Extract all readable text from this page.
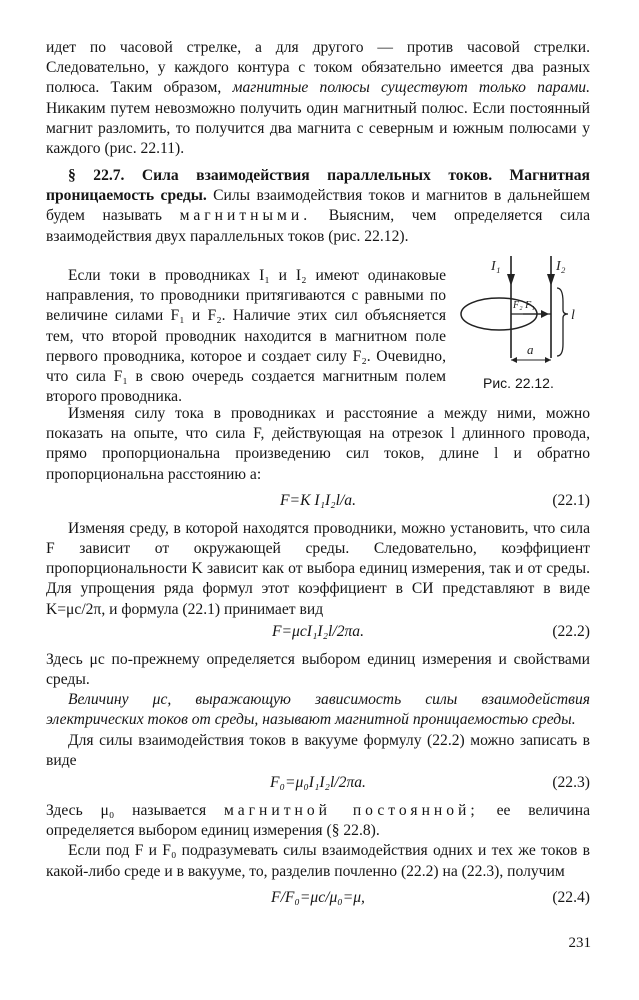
идет по часовой стрелке, а для другого — против часовой стрелки. Следовательно, у каждого контура с током обязательно имеется два разных полюса. Таким образом, магнитные полюсы существуют только парами. Никаким путем невозможно получить один магнитный полюс. Если постоянный магнит разломить, то получится два магнита с северным и южным полюсами у каждого (рис. 22.11).

§ 22.7. Сила взаимодействия параллельных токов. Магнитная проницаемость среды. Силы взаимодействия токов и магнитов в дальнейшем будем называть магнитными. Выясним, чем определяется сила взаимодействия двух параллельных токов (рис. 22.12).

Если токи в проводниках I₁ и I₂ имеют одинаковые направления, то проводники притягиваются с равными по величине силами F₁ и F₂. Наличие этих сил объясняется тем, что второй проводник находится в магнитном поле первого проводника, которое и создает силу F₂. Очевидно, что сила F₁ в свою очередь создается магнитным полем второго проводника.

I₁	I₂
l
a
F₂ F₁
Рис. 22.12.

Изменяя силу тока в проводниках и расстояние a между ними, можно показать на опыте, что сила F, действующая на отрезок l длинного провода, прямо пропорциональна произведению сил токов, длине l и обратно пропорциональна расстоянию a:

F=K I₁I₂l/a.	(22.1)

Изменяя среду, в которой находятся проводники, можно установить, что сила F зависит от окружающей среды. Следовательно, коэффициент пропорциональности K зависит как от выбора единиц измерения, так и от среды. Для упрощения ряда формул этот коэффициент в СИ представляют в виде K=μc/2π, и формула (22.1) принимает вид

F=μcI₁I₂l/2πa.	(22.2)

Здесь μc по-прежнему определяется выбором единиц измерения и свойствами среды.

Величину μc, выражающую зависимость силы взаимодействия электрических токов от среды, называют магнитной проницаемостью среды.

Для силы взаимодействия токов в вакууме формулу (22.2) можно записать в виде

F₀=μ₀I₁I₂l/2πa.	(22.3)

Здесь μ₀ называется магнитной постоянной; ее величина определяется выбором единиц измерения (§ 22.8).

Если под F и F₀ подразумевать силы взаимодействия одних и тех же токов в какой-либо среде и в вакууме, то, разделив почленно (22.2) на (22.3), получим

F/F₀=μc/μ₀=μ,	(22.4)
231
